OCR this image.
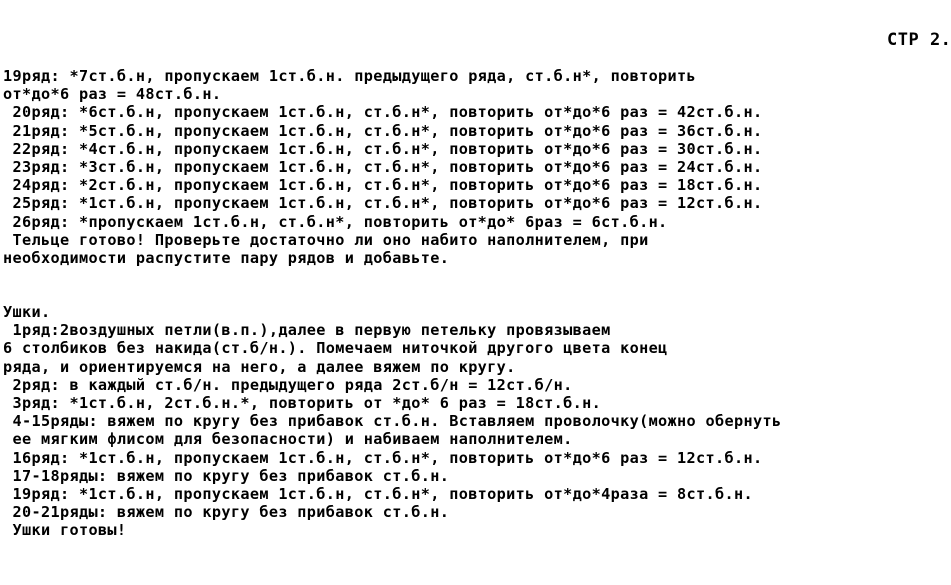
СТР 2.
19ряд: *7ст.б.н, пропускаем 1ст.б.н. предыдущего ряда, ст.б.н*, повторить
от*до*6 раз = 48ст.б.н.
20ряд: *6ст.б.н, пропускаем 1ст.б.н, ст.б.н*, повторить от*до*6 раз = 42ст.б.н.
21ряд: *5ст.б.н, пропускаем 1ст.б.н, ст.б.н*, повторить от*до*6 раз = 36ст.б.н.
22ряд: *4ст.б.н, пропускаем 1ст.б.н, ст.б.н*, повторить от*до*6 раз = 30ст.б.н.
23ряд: *3ст.б.н, пропускаем 1ст.б.н, ст.б.н*, повторить от*до*6 раз = 24ст.б.н.
24ряд: *2ст.б.н, пропускаем 1ст.б.н, ст.б.н*, повторить от*до*6 раз = 18ст.б.н.
25ряд: *1ст.б.н, пропускаем 1ст.б.н, ст.б.н*, повторить от*до*6 раз = 12ст.б.н.
26ряд: *пропускаем 1ст.б.н, ст.б.н*, повторить от*до* 6раз = 6ст.б.н.
Тельце готово! Проверьте достаточно ли оно набито наполнителем, при
необходимости распустите пару рядов и добавьте.
Ушки.
1ряд:2воздушных петли(в.п.),далее в первую петельку провязываем
6 столбиков без накида(ст.б/н.). Помечаем ниточкой другого цвета конец
ряда, и ориентируемся на него, а далее вяжем по кругу.
2ряд: в каждый ст.б/н. предыдущего ряда 2ст.б/н = 12ст.б/н.
3ряд: *1ст.б.н, 2ст.б.н.*, повторить от *до* 6 раз = 18ст.б.н.
4-15ряды: вяжем по кругу без прибавок ст.б.н. Вставляем проволочку(можно обернуть
ее мягким флисом для безопасности) и набиваем наполнителем.
16ряд: *1ст.б.н, пропускаем 1ст.б.н, ст.б.н*, повторить от*до*6 раз = 12ст.б.н.
17-18ряды: вяжем по кругу без прибавок ст.б.н.
19ряд: *1ст.б.н, пропускаем 1ст.б.н, ст.б.н*, повторить от*до*4раза = 8ст.б.н.
20-21ряды: вяжем по кругу без прибавок ст.б.н.
Ушки готовы!
